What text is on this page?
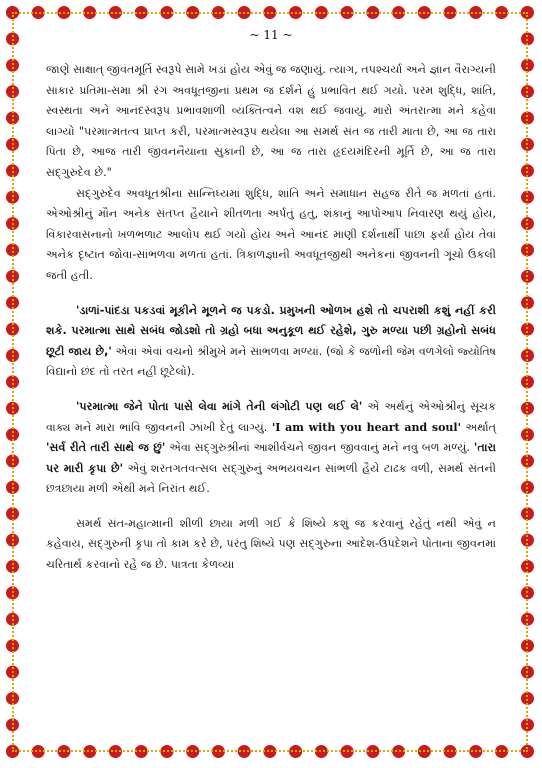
~ 11 ~

જાણે સાક્ષાત્ જીવંતમૂર્તિ સ્વરૂપે સામે ખડાં હોય એવું જ જણાયું. ત્યાગ, તપશ્ચર્યા અને જ્ઞાન વૈરાગ્યની સાકાર પ્રતિમા-સમા શ્રી રંગ અવધૂતજીનાં પ્રથમ જ દર્શને હું પ્રભાવિત થઈ ગયો. પરમ શુદ્ધિ, શાંતિ, સ્વસ્થતા અને આનંદસ્વરૂપ પ્રભાવશાળી વ્યક્તિત્વને વશ થઈ જવાયું. મારો અંતરાત્મા મને કહેવા લાગ્યો "પરમાત્મતત્વ પ્રાપ્ત કરી, પરમાત્મસ્વરૂપ થયેલા આ સમર્થ સંત જ તારી માતા છે, આ જ તારા પિતા છે, આજ તારી જીવનનૈયાના સુકાની છે, આ જ તારા હૃદયમંદિરની મૂર્તિ છે, આ જ તારા સદ્ગુરુદેવ છે."

સદ્ગુરુદેવ અવધૂતશ્રીના સાન્નિધ્યમાં શુદ્ધિ, શાંતિ અને સમાધાન સહજ રીતે જ મળતાં હતાં. એઓશ્રીનું મૌન અનેક સંતપ્ત હૈયાને શીતળતા અર્પતું હતુ, શંકાનું આપોઆપ નિવારણ થયું હોય, વિકારવાસનાનો ખળભળાટ આલોપ થઈ ગયો હોય અને આનંદ માણી દર્શનાર્થી પાછા ફર્યા હોય તેવાં અનેક દૃષ્ટાંત જોવા-સાંભળવા મળતાં હતાં. ત્રિકાળજ્ઞાની અવધૂતજીથી અનેકનાં જીવનની ગૂંચો ઉકલી જતી હતી.

'ડાળાં-પાંદડા પકડવાં મૂકીને મૂળને જ પકડો. પ્રમુખની ઓળખ હશે તો ચપરાશી કશું નહીં કરી શકે. પરમાત્મા સાથે સબંધ જોડશો તો ગ્રહો બધા અનુકૂળ થઈ રહેશે, ગુરુ મળ્યા પછી ગ્રહોનો સબંધ છૂટી જાય છે,' એવાં એવાં વચનો શ્રીમુખે મને સાંભળવા મળ્યાં. (જો કે જળોની જેમ વળગેલો જ્યોતિષ વિદ્યાનો છંદ તો તરત નહીં છૂટેલો).

'પરમાત્મા જેને પોતા પાસે લેવા માંગે તેની લંગોટી પણ લઈ લે' એ અર્થનું એઓશ્રીનું સૂચક વાક્ય મને મારા ભાવિ જીવનની ઝાંખી દેતું લાગ્યું. 'I am with you heart and soul' અર્થાત્ 'સર્વ રીતે તારી સાથે જ છું' એવા સદ્ગુરુશ્રીનાં આશીર્વચને જીવન જીવવાનું મને નવું બળ મળ્યું. 'તારા પર મારી કૃપા છે' એવું શરતગતવત્સલ સદ્ગુરુનું અભયવચન સાંભળી હૈયે ટાઢક વળી, સમર્થ સંતની છત્રછાયા મળી એથી મને નિરાંત થઈ.

સમર્થ સંત-મહાત્માની શીળી છાયા મળી ગઈ કે શિષ્યે કશું જ કરવાનું રહેતું નથી એવું ન કહેવાય, સદ્ગુરુની કૃપા તો કામ કરે છે, પરંતુ શિષ્યે પણ સદ્ગુરુના આદેશ-ઉપદેશને પોતાના જીવનમાં ચરિતાર્થ કરવાનો રહે જ છે. પાત્રતા કેળવ્યા
